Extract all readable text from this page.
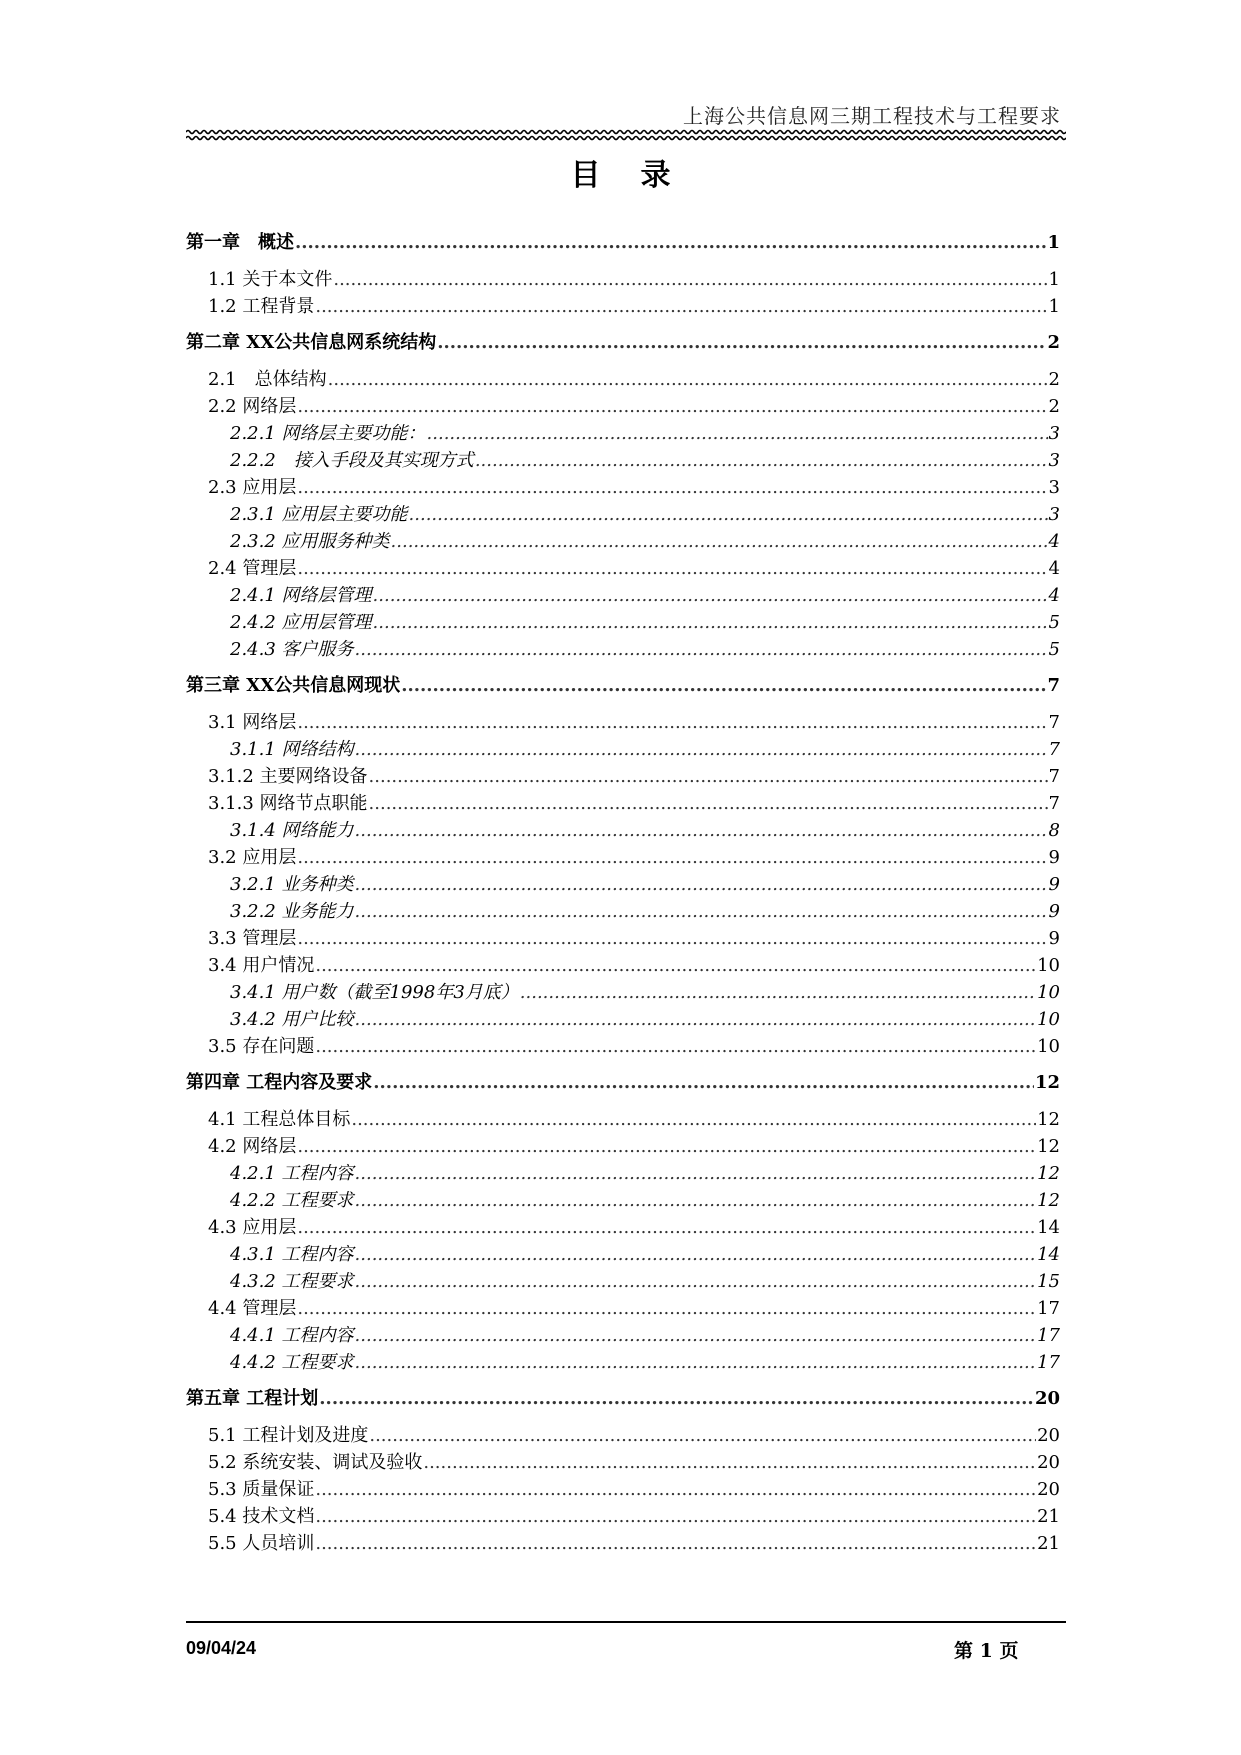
上海公共信息网三期工程技术与工程要求
目录
第一章　概述 .....	1
1.1 关于本文件 .....	1
1.2 工程背景 .....	1
第二章 XX公共信息网系统结构 .....	2
2.1　总体结构 .....	2
2.2 网络层 .....	2
2.2.1 网络层主要功能： .....	3
2.2.2　接入手段及其实现方式 .....	3
2.3 应用层 .....	3
2.3.1 应用层主要功能 .....	3
2.3.2 应用服务种类 .....	4
2.4 管理层 .....	4
2.4.1 网络层管理 .....	4
2.4.2 应用层管理 .....	5
2.4.3 客户服务 .....	5
第三章 XX公共信息网现状 .....	7
3.1 网络层 .....	7
3.1.1 网络结构 .....	7
3.1.2 主要网络设备 .....	7
3.1.3 网络节点职能 .....	7
3.1.4 网络能力 .....	8
3.2 应用层 .....	9
3.2.1 业务种类 .....	9
3.2.2 业务能力 .....	9
3.3 管理层 .....	9
3.4 用户情况 .....	10
3.4.1 用户数（截至1998年3月底） .....	10
3.4.2 用户比较 .....	10
3.5 存在问题 .....	10
第四章 工程内容及要求 .....	12
4.1 工程总体目标 .....	12
4.2 网络层 .....	12
4.2.1 工程内容 .....	12
4.2.2 工程要求 .....	12
4.3 应用层 .....	14
4.3.1 工程内容 .....	14
4.3.2 工程要求 .....	15
4.4 管理层 .....	17
4.4.1 工程内容 .....	17
4.4.2 工程要求 .....	17
第五章 工程计划 .....	20
5.1 工程计划及进度 .....	20
5.2 系统安装、调试及验收 .....	20
5.3 质量保证 .....	20
5.4 技术文档 .....	21
5.5 人员培训 .....	21
09/04/24	第 1 页
